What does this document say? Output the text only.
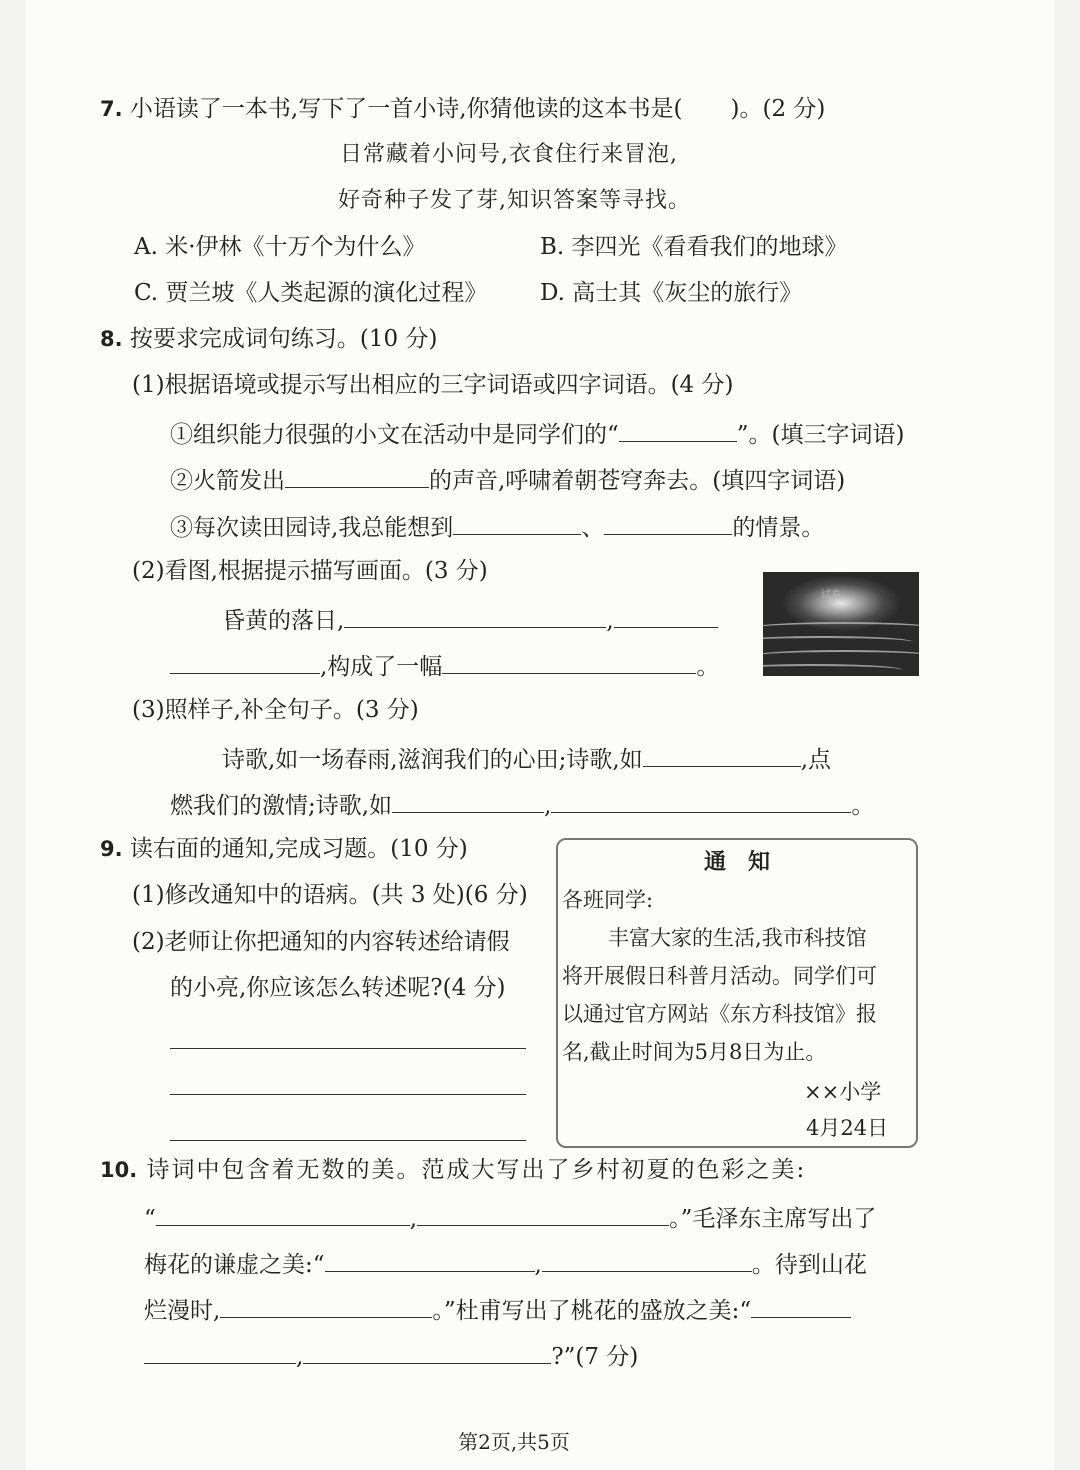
7. 小语读了一本书,写下了一首小诗,你猜他读的这本书是( )。(2 分)
日常藏着小问号,衣食住行来冒泡,
好奇种子发了芽,知识答案等寻找。
A. 米·伊林《十万个为什么》	B. 李四光《看看我们的地球》
C. 贾兰坡《人类起源的演化过程》 D. 高士其《灰尘的旅行》
8. 按要求完成词句练习。(10 分)
(1)根据语境或提示写出相应的三字词语或四字词语。(4 分)
①组织能力很强的小文在活动中是同学们的“	”。(填三字词语)
②火箭发出	的声音,呼啸着朝苍穹奔去。(填四字词语)
③每次读田园诗,我总能想到	、	的情景。
(2)看图,根据提示描写画面。(3 分)
昏黄的落日,	,
,构成了一幅	。
试卷
(3)照样子,补全句子。(3 分)
诗歌,如一场春雨,滋润我们的心田;诗歌,如	,点
燃我们的激情;诗歌,如	,	。
9. 读右面的通知,完成习题。(10 分)
(1)修改通知中的语病。(共 3 处)(6 分)
(2)老师让你把通知的内容转述给请假
的小亮,你应该怎么转述呢?(4 分)
通　知
各班同学:
丰富大家的生活,我市科技馆
将开展假日科普月活动。同学们可
以通过官方网站《东方科技馆》报
名,截止时间为5月8日为止。
××小学
4月24日
10. 诗词中包含着无数的美。范成大写出了乡村初夏的色彩之美:
“	,	。”毛泽东主席写出了
梅花的谦虚之美:“	,	。待到山花
烂漫时,	。”杜甫写出了桃花的盛放之美:“
,	?”(7 分)
第2页,共5页
